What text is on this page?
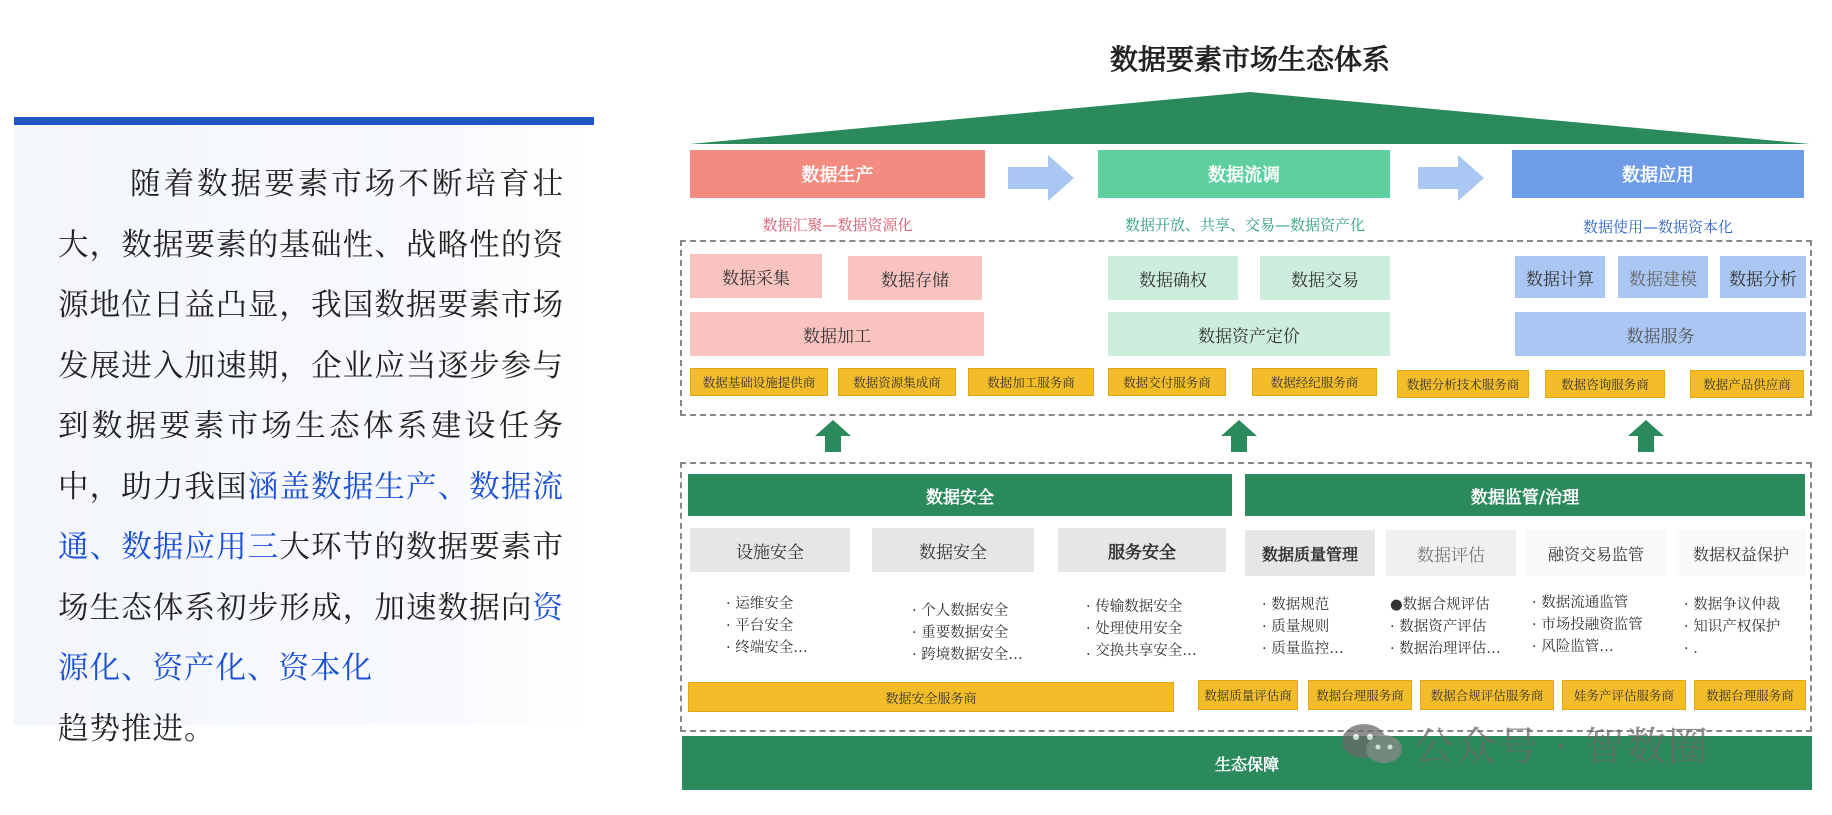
随着数据要素市场不断培育壮大，数据要素的基础性、战略性的资源地位日益凸显，我国数据要素市场发展进入加速期，企业应当逐步参与到数据要素市场生态体系建设任务中，助力我国涵盖数据生产、数据流通、数据应用三大环节的数据要素市场生态体系初步形成，加速数据向资源化、资产化、资本化
趋势推进。
数据要素市场生态体系
数据生产	数据流调	数据应用
数据汇聚—数据资源化	数据开放、共享、交易—数据资产化	数据使用—数据资本化
数据采集	数据存储
数据加工
数据确权	数据交易
数据资产定价
数据计算	数据建模	数据分析
数据服务
数据基础设施提供商	数据资源集成商	数据加工服务商	数据交付服务商	数据经纪服务商	数据分析技术服务商	数据咨询服务商	数据产品供应商
数据安全	数据监管/治理
设施安全	数据安全	服务安全
· 运维安全
· 平台安全
· 终端安全…
· 个人数据安全
· 重要数据安全
· 跨境数据安全…
· 传输数据安全
· 处理使用安全
. 交换共享安全…
数据质量管理	数据评估	融资交易监管	数据权益保护
· 数据规范
· 质量规则
· 质量监控…
●数据合规评估
· 数据资产评估
· 数据治理评估…
· 数据流通监管
· 市场投融资监管
· 风险监管…
· 数据争议仲裁
· 知识产权保护
· .
数据安全服务商	数据质量评估商	数据台理服务商	数据合规评估服务商	娃务产评估服务商	数据台理服务商
生态保障	公众号 · 智数圈
